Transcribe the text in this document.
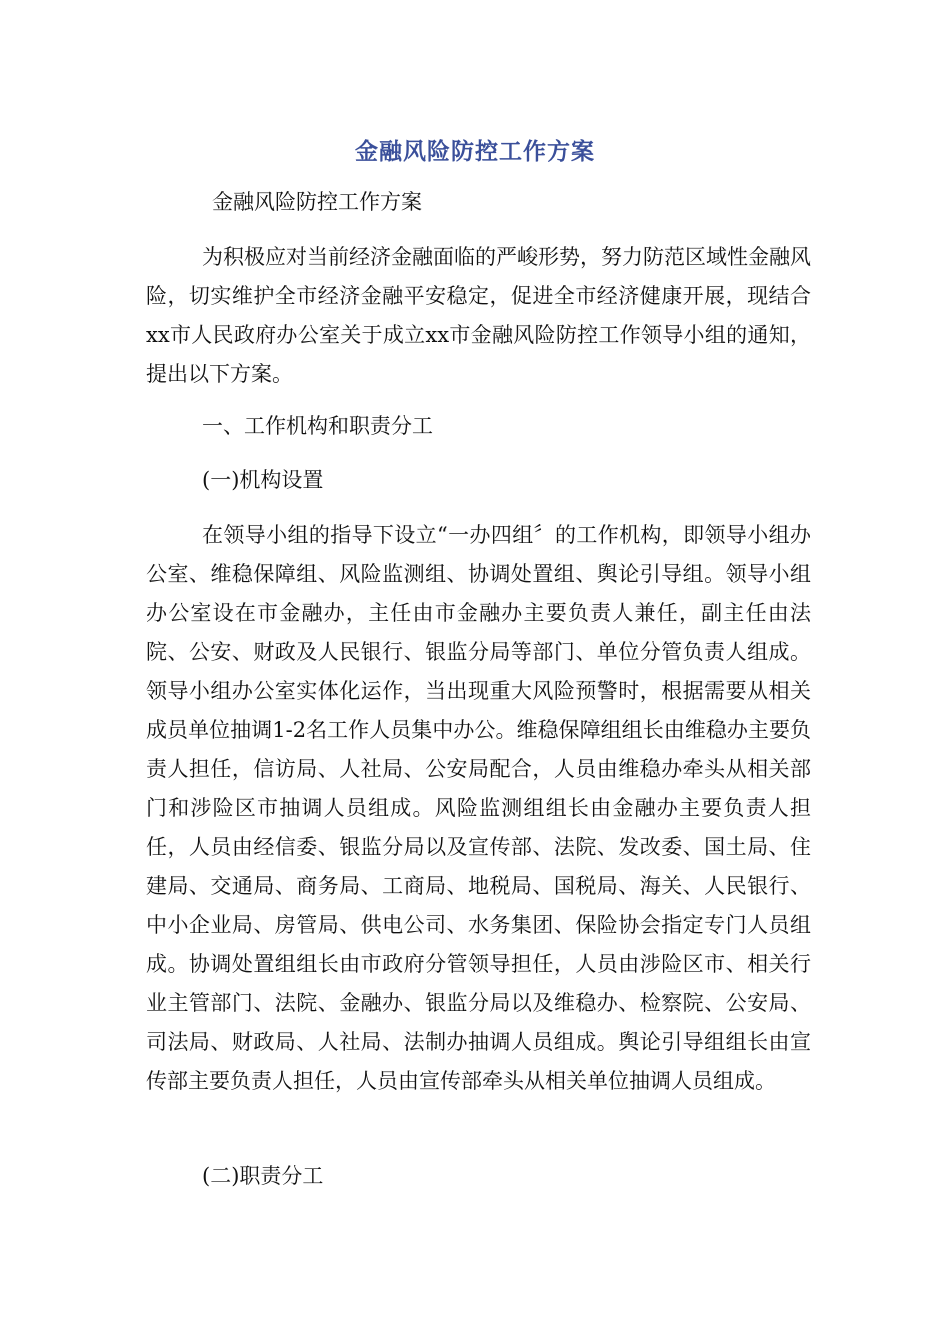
金融风险防控工作方案

金融风险防控工作方案

为积极应对当前经济金融面临的严峻形势，努力防范区域性金融风险，切实维护全市经济金融平安稳定，促进全市经济健康开展，现结合xx市人民政府办公室关于成立xx市金融风险防控工作领导小组的通知，提出以下方案。

一、工作机构和职责分工

(一)机构设置

在领导小组的指导下设立“一办四组〞的工作机构，即领导小组办公室、维稳保障组、风险监测组、协调处置组、舆论引导组。领导小组办公室设在市金融办，主任由市金融办主要负责人兼任，副主任由法院、公安、财政及人民银行、银监分局等部门、单位分管负责人组成。领导小组办公室实体化运作，当出现重大风险预警时，根据需要从相关成员单位抽调1-2名工作人员集中办公。维稳保障组组长由维稳办主要负责人担任，信访局、人社局、公安局配合，人员由维稳办牵头从相关部门和涉险区市抽调人员组成。风险监测组组长由金融办主要负责人担任，人员由经信委、银监分局以及宣传部、法院、发改委、国土局、住建局、交通局、商务局、工商局、地税局、国税局、海关、人民银行、中小企业局、房管局、供电公司、水务集团、保险协会指定专门人员组成。协调处置组组长由市政府分管领导担任，人员由涉险区市、相关行业主管部门、法院、金融办、银监分局以及维稳办、检察院、公安局、司法局、财政局、人社局、法制办抽调人员组成。舆论引导组组长由宣传部主要负责人担任，人员由宣传部牵头从相关单位抽调人员组成。

(二)职责分工
